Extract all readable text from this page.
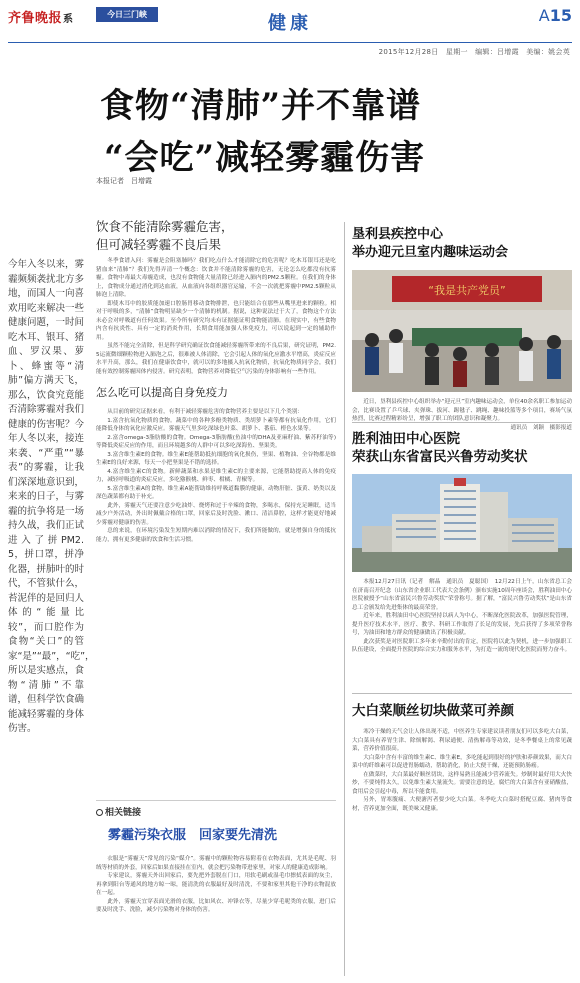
齐鲁晚报系	今日三门峡	健康	A15
2015年12月28日　星期一　编辑：吕增霞　美编：姚会英
食物“清肺”并不靠谱
“会吃”减轻雾霾伤害
本报记者　吕增霞
今年入冬以来，雾霾频频袭扰北方多地，而国人一向喜欢用吃来解决一些健康问题，一时间吃木耳、银耳、猪血、罗汉果、萝卜、蜂蜜等“清肺”偏方满天飞，那么，饮食究竟能否清除雾霾对我们健康的伤害呢？今年人冬以来，接连来袭、“严重”“暴表”的雾霾，让我们深深地意识到，来来的日子，与雾霾的抗争将是一场持久战，我们正试进入了拼PM2.5，拼口罩，拼净化器，拼肺叶的时代，不管狱什么，苔泥伴的是回归人体的“能量比较”，而口腔作为食物“关口”的管家“是”“最”，“吃”，所以是实感点，食物“清肺”不靠谱，但科学饮食确能减轻雾霾的身体伤害。
饮食不能清除雾霾危害，
但可减轻雾霾不良后果

冬季食谱入问：雾霾是会阻塞肺吗？我们吃点什么才能清除它的危害呢？吃木耳银耳还是吃猪血来“清肺”？我们先得弄清一个概念：饮食并不能清除雾霾的危害，无论怎么吃都没有抗雾霾。食物中毒最大毒霾造成，也没有食物能大量清除已经进入肺内的PM2.5颗粒。在我们的身体上，食物成分通过消化到达血液，从血液向各组织器官运输，不会一次就把雾霾中PM2.5颗粒从肺泡上清除。

即使木耳中的胶质能加速口腔肠胃移动食物排泄，也只能结合在那些从嘴里进来的颗粒。相对于呼吸的多，“清肺”食物明显缺少一个清肺的机制。据说，这种说法过于大了，食物这个方法未必会对呼吸道有任何效果。至今所有研究均未有证据能证明食物能清肺。在现实中，有些食物内含有抗炎性、具有一定的消炎作用，长期食用能加强人体免疫力，可以说起到一定的辅助作用。

虽然不能完全清除，但是科学研究确证饮食能减轻雾霾所带来的不良后果，研究证明，PM2.5运流微细颗粒物进入肺泡之后，很难被人体清除，它会引起人体的氧化应激水平增高，炎症反应水平升高，那么，我们在健康饮食中，就可以的多地摄入抗氧化物质，抗氧化物质同学会，我们能有效控制雾霾因体内侵害。研究表明，食物营养对降低空气污染的身体影响有一些作用。

怎么吃可以提高自身免疫力

从目前的研究证据来看，有利于减轻雾霾危害的食物营养主要是以下几个类别：

1.富含抗氧化物质的食物。蔬菜中的各种多酚类物质、类胡萝卜素等都有抗氧化作用，它们能降低身体的氧化应激反应。雾霾天气里多吃深绿色叶菜、胡萝卜、番茄、橙色水果等。

2.富含omega-3脂肪酸的食物。Omega-3脂肪酸(鱼油中的DHA及亚麻籽油、紫苏籽油等)等降低炎症反应的作用，而且环境越多的人群中可以多吃深海鱼、坚果类。

3.富含维生素E的食物。维生素E能帮助抵抗细胞的氧化损伤，坚果、植物油、全谷物都是维生素E的良好来源，每天一小把坚果是不错的选择。

4.富含维生素C的食物。新鲜蔬菜和水果是维生素C的主要来源，它能帮助提高人体的免疫力，减轻呼吸道的炎症反应，多吃猕猴桃、鲜枣、柑橘、青椒等。

5.富含维生素A的食物。维生素A能帮助维持呼吸道黏膜的健康，动物肝脏、蛋黄、奶类以及深色蔬菜都有助于补充。

此外，雾霾天气还要注意少吃油炸、烧烤和过于辛辣的食物，多喝水，保持充足睡眠，适当减少户外活动，外出时佩戴合格的口罩，回家后及时洗脸、漱口、清洁鼻腔，这样才能更好地减少雾霾对健康的伤害。

总的来说，在环境污染发生短期内难以消除的情况下，我们所能做的，就是增强自身的抵抗能力，拥有更多健康的饮食和生活习惯。

相关链接
雾霾污染衣服　回家要先清洗

衣服是“雾霾天”常见的污染“媒介”。雾霾中的颗粒物容易附着在衣物表面，尤其是毛呢、羽绒等材质的外套，回家后如果直接挂在室内，就会把污染物带进家里，对家人的健康造成影响。

专家建议，雾霾天外出回家后，要先把外套脱在门口，用软毛刷或湿毛巾擦拭表面的灰尘，再拿到阳台等通风的地方晾一晾，能清洗的衣服最好及时清洗，不要和家里其他干净的衣物混放在一起。

此外，雾霾天宜穿表面光滑的衣服，比如风衣、冲锋衣等，尽量少穿毛呢类的衣服，进门后要及时洗手、洗脸，减少污染物对身体的伤害。

垦利县疾控中心
举办迎元旦室内趣味运动会
“我是共产党员”

近日，垦利县疾控中心组织举办“迎元旦”室内趣味运动会，单位40余名职工参加运动会，比赛设置了乒乓球、夹弹珠、拔河、踢毽子、跳绳、趣味投篮等多个项目，赛场气氛热烈，比赛过程精彩纷呈，增强了职工的团队意识和凝聚力。

通讯员　刘颖　摄影报道

胜利油田中心医院
荣获山东省富民兴鲁劳动奖状

本报12月27日讯（记者　解晶　通讯员　夏聪国）　12月22日上午，山东省总工会在济南召开纪念（山东省企业职工代表大会条例）颁布实施10周年座谈会，胜利油田中心医院被授予“山东省富民兴鲁劳动奖状”荣誉称号。据了解，“富民兴鲁劳动奖状”是山东省总工会颁发给先进集体的最高荣誉。

近年来，胜利油田中心医院坚持以病人为中心，不断深化医院改革，加强医院管理，提升医疗技术水平，医疗、教学、科研工作取得了长足的发展，先后获得了多项荣誉称号，为油田和地方群众的健康做出了积极贡献。

此次获奖是对医院职工多年来辛勤付出的肯定，医院将以此为契机，进一步加强职工队伍建设，全面提升医院的综合实力和服务水平，为打造一流的现代化医院而努力奋斗。

大白菜顺丝切块做菜可养颜

寒冷干燥的天气会让人体出现不适，中医养生专家建议读者朋友们可以多吃大白菜，大白菜具有养胃生津、除烦解渴、利尿通便、清热解毒等功效，是冬季餐桌上的常见蔬菜，营养价值很高。

大白菜中含有丰富的维生素C、维生素E，多吃能起到很好的护肤和养颜效果，而大白菜中的纤维素可以促进胃肠蠕动，帮助消化，防止大便干燥，还能预防肠癌。

在做菜时，大白菜最好顺丝切块，这样易熟且能减少营养流失。炒制时最好用大火快炒，不要炖得太久，以免维生素大量流失。需要注意的是，腐烂的大白菜含有亚硝酸盐，食用后会引起中毒，所以不能食用。

另外，胃寒腹痛、大便溏泻者要少吃大白菜。冬季吃大白菜时搭配豆腐、猪肉等食材，营养更加全面，既美味又健康。
